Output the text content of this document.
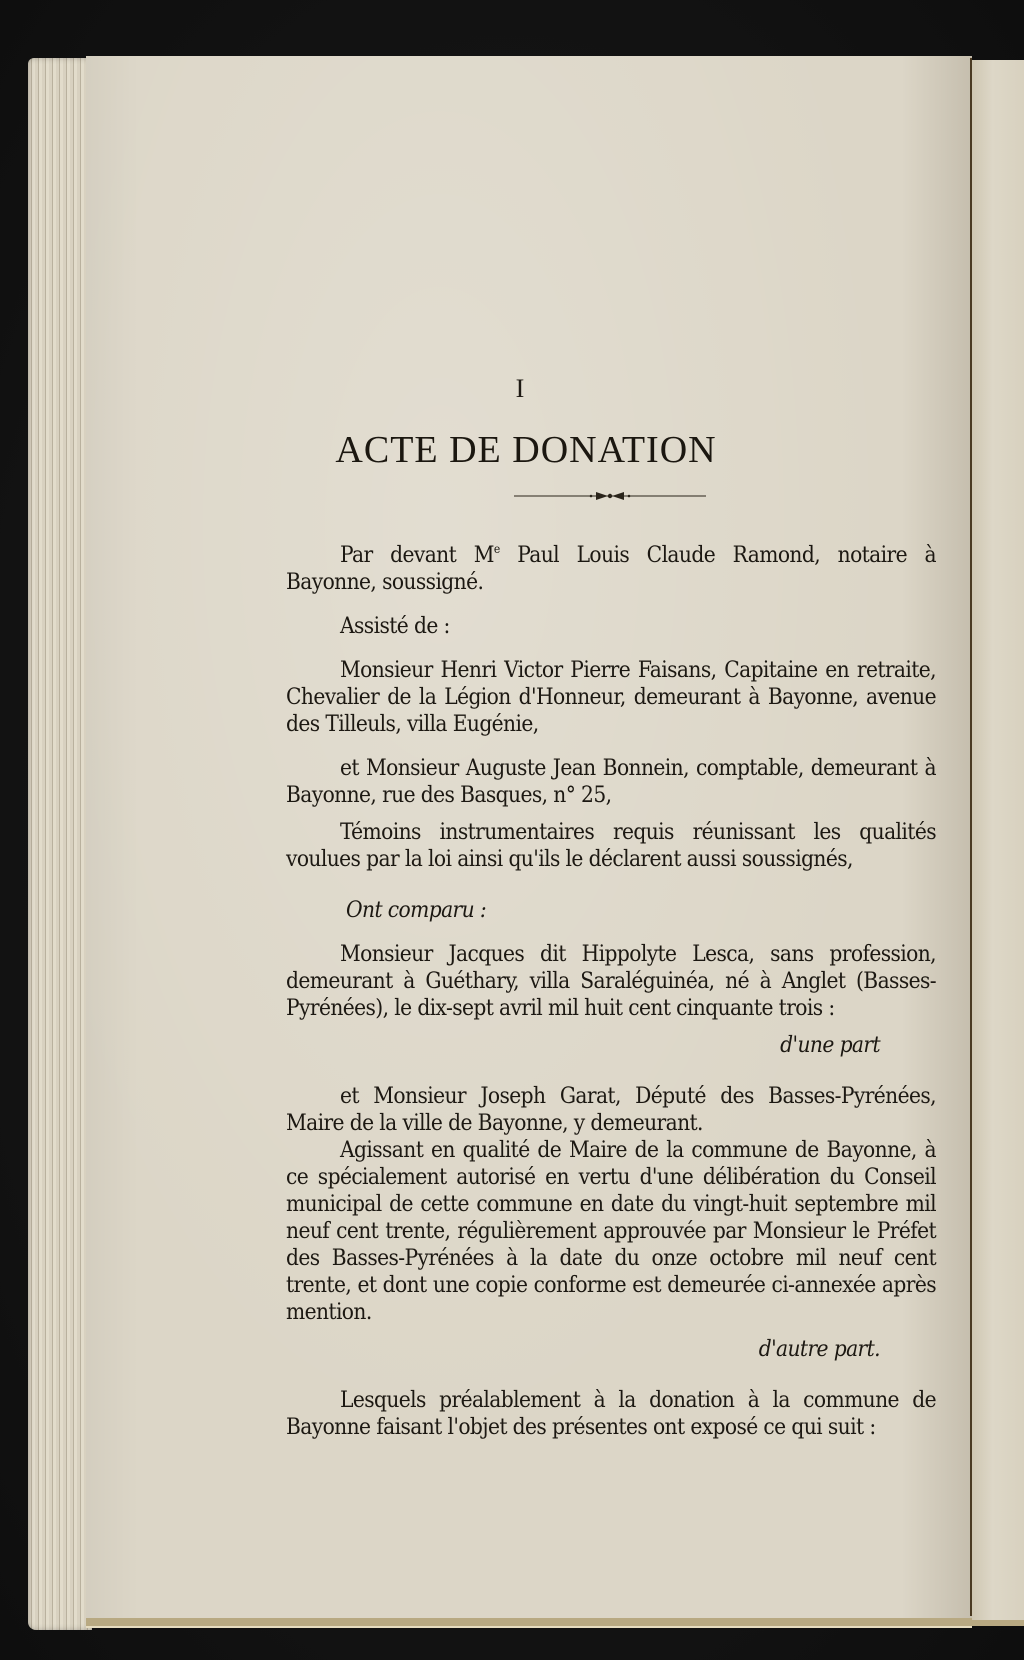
I
ACTE DE DONATION

Par devant Me Paul Louis Claude Ramond, notaire à Bayonne, soussigné.

Assisté de :

Monsieur Henri Victor Pierre Faisans, Capitaine en retraite, Chevalier de la Légion d'Honneur, demeurant à Bayonne, avenue des Tilleuls, villa Eugénie,

et Monsieur Auguste Jean Bonnein, comptable, demeurant à Bayonne, rue des Basques, n° 25,

Témoins instrumentaires requis réunissant les qualités voulues par la loi ainsi qu'ils le déclarent aussi soussignés,

Ont comparu :

Monsieur Jacques dit Hippolyte Lesca, sans profession, demeurant à Guéthary, villa Saraléguinéa, né à Anglet (Basses-Pyrénées), le dix-sept avril mil huit cent cinquante trois :

d'une part

et Monsieur Joseph Garat, Député des Basses-Pyrénées, Maire de la ville de Bayonne, y demeurant.

Agissant en qualité de Maire de la commune de Bayonne, à ce spécialement autorisé en vertu d'une délibération du Conseil municipal de cette commune en date du vingt-huit septembre mil neuf cent trente, régulièrement approuvée par Monsieur le Préfet des Basses-Pyrénées à la date du onze octobre mil neuf cent trente, et dont une copie conforme est demeurée ci-annexée après mention.

d'autre part.

Lesquels préalablement à la donation à la commune de Bayonne faisant l'objet des présentes ont exposé ce qui suit :
